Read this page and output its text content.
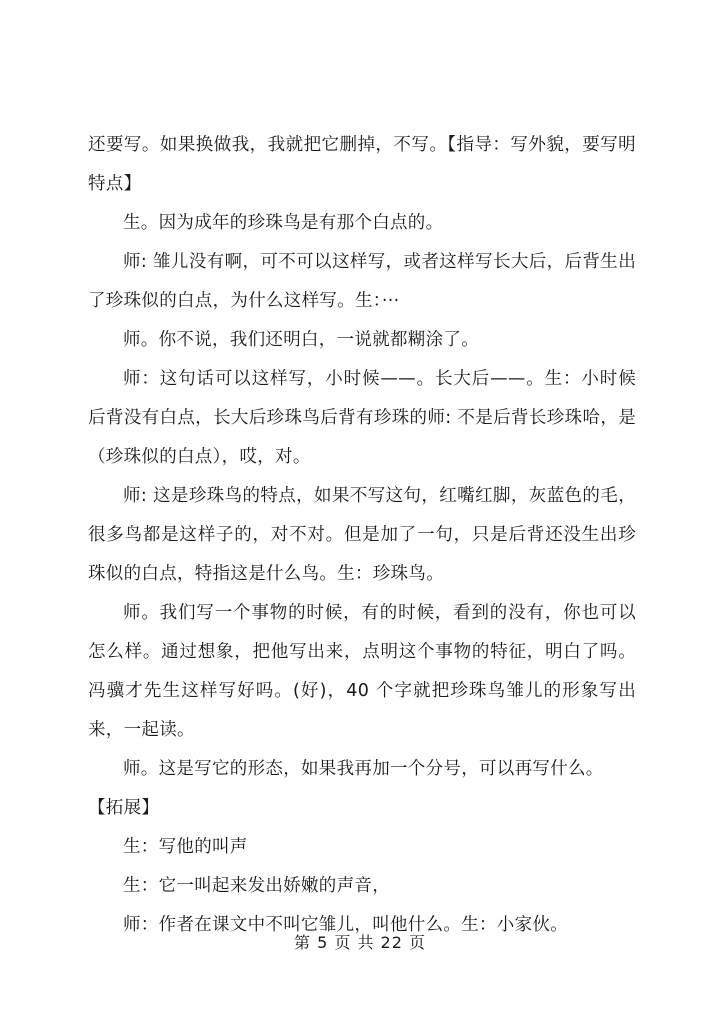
还要写。如果换做我，我就把它删掉，不写。【指导：写外貌，要写明特点】

生。因为成年的珍珠鸟是有那个白点的。

师: 雏儿没有啊，可不可以这样写，或者这样写长大后，后背生出了珍珠似的白点，为什么这样写。生：···

师。你不说，我们还明白，一说就都糊涂了。

师：这句话可以这样写，小时候——。长大后——。生：小时候后背没有白点，长大后珍珠鸟后背有珍珠的师: 不是后背长珍珠哈，是（珍珠似的白点），哎，对。

师: 这是珍珠鸟的特点，如果不写这句，红嘴红脚，灰蓝色的毛，很多鸟都是这样子的，对不对。但是加了一句，只是后背还没生出珍珠似的白点，特指这是什么鸟。生：珍珠鸟。

师。我们写一个事物的时候，有的时候，看到的没有，你也可以怎么样。通过想象，把他写出来，点明这个事物的特征，明白了吗。冯骥才先生这样写好吗。(好)，40 个字就把珍珠鸟雏儿的形象写出来，一起读。

师。这是写它的形态，如果我再加一个分号，可以再写什么。

【拓展】

生：写他的叫声

生：它一叫起来发出娇嫩的声音，

师：作者在课文中不叫它雏儿，叫他什么。生：小家伙。

第 5 页 共 22 页
